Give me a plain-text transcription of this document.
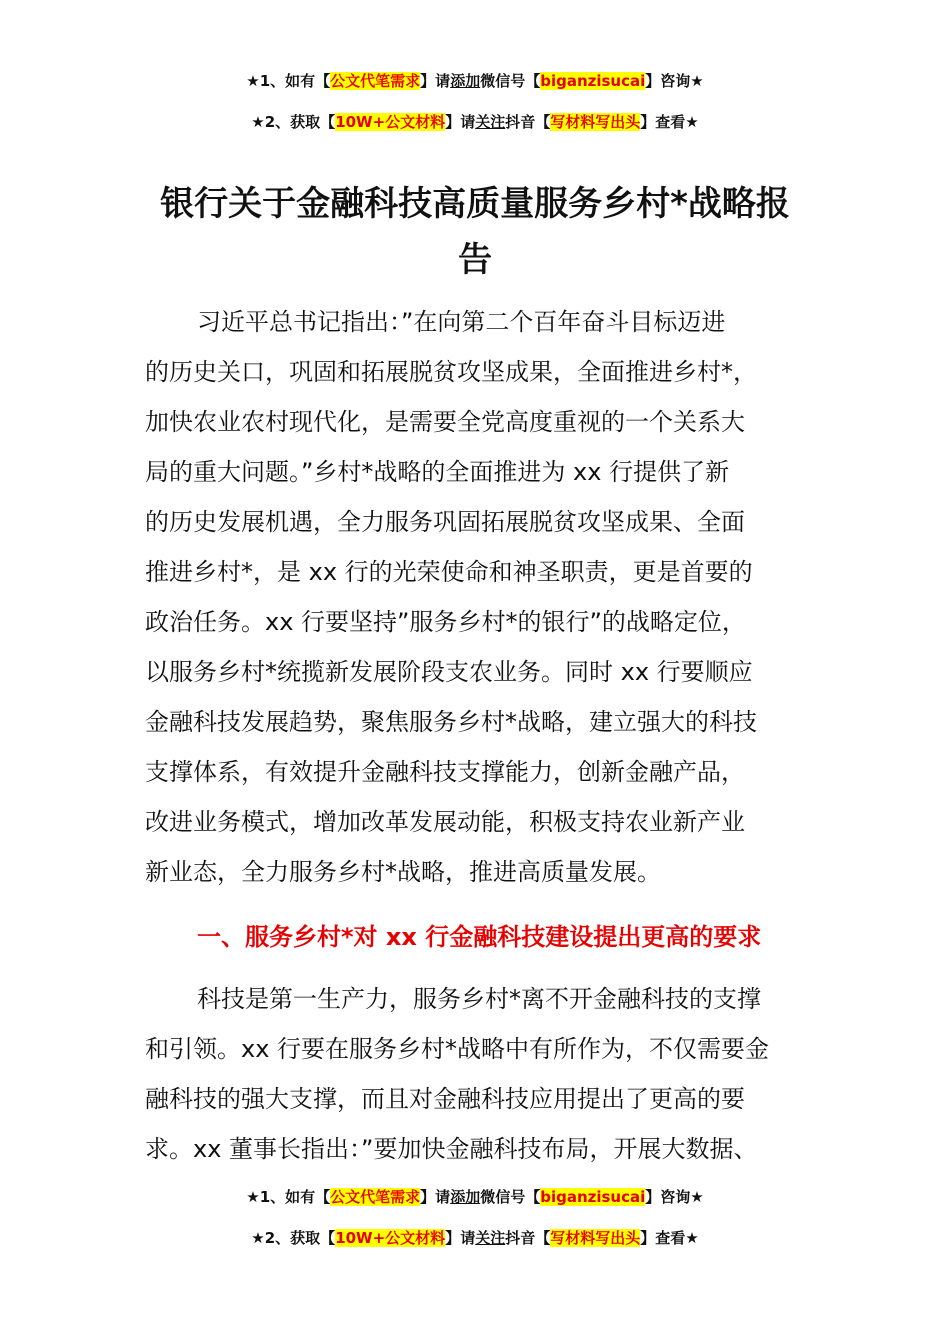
★1、如有【公文代笔需求】请添加微信号【biganzisucai】咨询★
★2、获取【10W+公文材料】请关注抖音【写材料写出头】查看★
银行关于金融科技高质量服务乡村*战略报
告
习近平总书记指出：”在向第二个百年奋斗目标迈进
的历史关口，巩固和拓展脱贫攻坚成果，全面推进乡村*，
加快农业农村现代化，是需要全党高度重视的一个关系大
局的重大问题。”乡村*战略的全面推进为 xx 行提供了新
的历史发展机遇，全力服务巩固拓展脱贫攻坚成果、全面
推进乡村*，是 xx 行的光荣使命和神圣职责，更是首要的
政治任务。xx 行要坚持”服务乡村*的银行”的战略定位，
以服务乡村*统揽新发展阶段支农业务。同时 xx 行要顺应
金融科技发展趋势，聚焦服务乡村*战略，建立强大的科技
支撑体系，有效提升金融科技支撑能力，创新金融产品，
改进业务模式，增加改革发展动能，积极支持农业新产业
新业态，全力服务乡村*战略，推进高质量发展。
一、服务乡村*对 xx 行金融科技建设提出更高的要求
科技是第一生产力，服务乡村*离不开金融科技的支撑
和引领。xx 行要在服务乡村*战略中有所作为，不仅需要金
融科技的强大支撑，而且对金融科技应用提出了更高的要
求。xx 董事长指出：”要加快金融科技布局，开展大数据、
★1、如有【公文代笔需求】请添加微信号【biganzisucai】咨询★
★2、获取【10W+公文材料】请关注抖音【写材料写出头】查看★
